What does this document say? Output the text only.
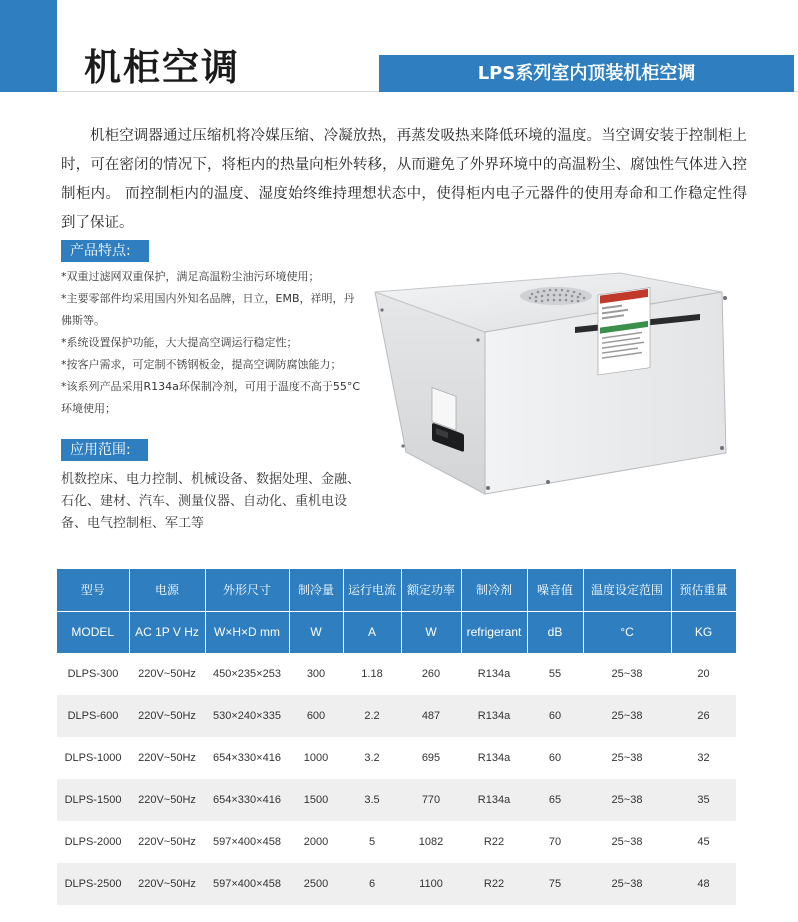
机柜空调	LPS系列室内顶装机柜空调

机柜空调器通过压缩机将冷媒压缩、冷凝放热，再蒸发吸热来降低环境的温度。当空调安装于控制柜上时，可在密闭的情况下，将柜内的热量向柜外转移，从而避免了外界环境中的高温粉尘、腐蚀性气体进入控制柜内。 而控制柜内的温度、湿度始终维持理想状态中，使得柜内电子元器件的使用寿命和工作稳定性得到了保证。

产品特点:
*双重过滤网双重保护，满足高温粉尘油污环境使用；
*主要零部件均采用国内外知名品牌，日立，EMB，祥明，丹佛斯等。
*系统设置保护功能，大大提高空调运行稳定性；
*按客户需求，可定制不锈钢板金，提高空调防腐蚀能力；
*该系列产品采用R134a环保制冷剂，可用于温度不高于55°C环境使用；
应用范围:

机数控床、电力控制、机械设备、数据处理、金融、石化、建材、汽车、测量仪器、自动化、重机电设备、电气控制柜、军工等

型号	电源	外形尺寸	制冷量	运行电流	额定功率	制冷剂	噪音值	温度设定范围	预估重量
MODEL	AC 1P V Hz	W×H×D mm	W	A	W	refrigerant	dB	°C	KG
DLPS-300	220V~50Hz	450×235×253	300	1.18	260	R134a	55	25~38	20
DLPS-600	220V~50Hz	530×240×335	600	2.2	487	R134a	60	25~38	26
DLPS-1000	220V~50Hz	654×330×416	1000	3.2	695	R134a	60	25~38	32
DLPS-1500	220V~50Hz	654×330×416	1500	3.5	770	R134a	65	25~38	35
DLPS-2000	220V~50Hz	597×400×458	2000	5	1082	R22	70	25~38	45
DLPS-2500	220V~50Hz	597×400×458	2500	6	1100	R22	75	25~38	48
